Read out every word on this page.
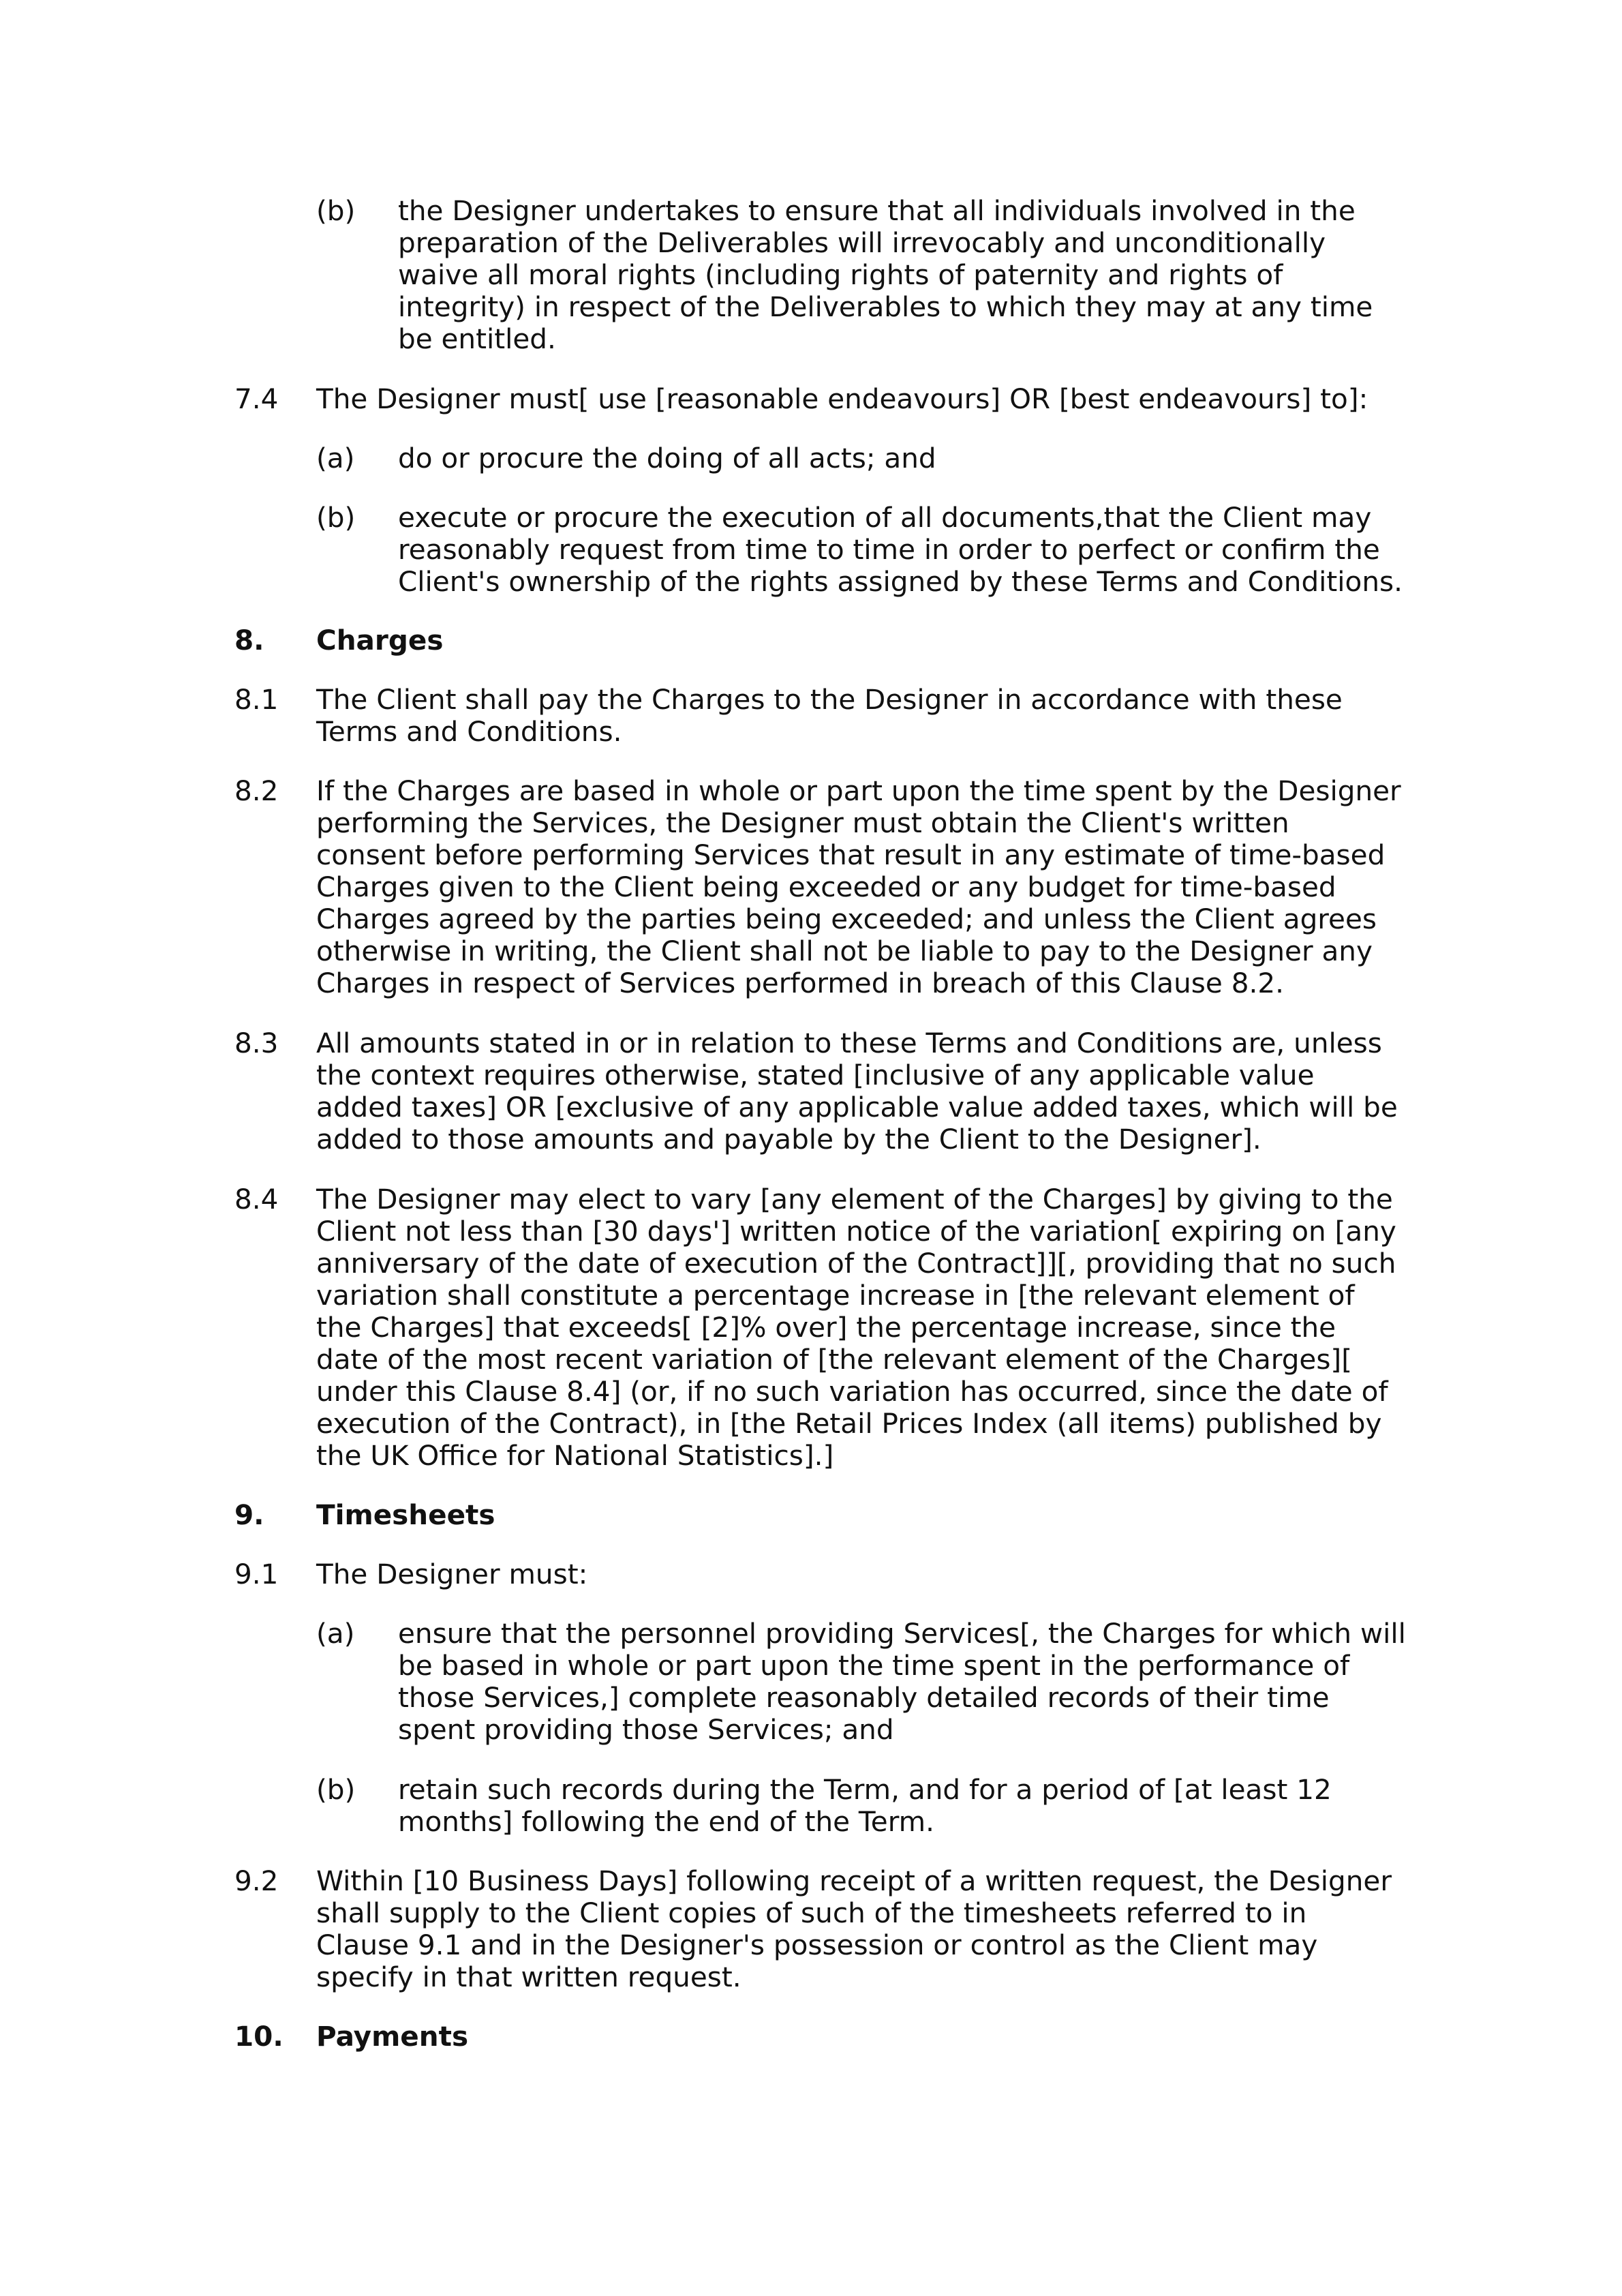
(b)	the Designer undertakes to ensure that all individuals involved in the preparation of the Deliverables will irrevocably and unconditionally waive all moral rights (including rights of paternity and rights of integrity) in respect of the Deliverables to which they may at any time be entitled.
7.4	The Designer must[ use [reasonable endeavours] OR [best endeavours] to]:
(a)	do or procure the doing of all acts; and
(b)	execute or procure the execution of all documents,that the Client may reasonably request from time to time in order to perfect or confirm the Client's ownership of the rights assigned by these Terms and Conditions.
8.	Charges
8.1	The Client shall pay the Charges to the Designer in accordance with these Terms and Conditions.
8.2	If the Charges are based in whole or part upon the time spent by the Designer performing the Services, the Designer must obtain the Client's written consent before performing Services that result in any estimate of time-based Charges given to the Client being exceeded or any budget for time-based Charges agreed by the parties being exceeded; and unless the Client agrees otherwise in writing, the Client shall not be liable to pay to the Designer any Charges in respect of Services performed in breach of this Clause 8.2.
8.3	All amounts stated in or in relation to these Terms and Conditions are, unless the context requires otherwise, stated [inclusive of any applicable value added taxes] OR [exclusive of any applicable value added taxes, which will be added to those amounts and payable by the Client to the Designer].
8.4	The Designer may elect to vary [any element of the Charges] by giving to the Client not less than [30 days'] written notice of the variation[ expiring on [any anniversary of the date of execution of the Contract]][, providing that no such variation shall constitute a percentage increase in [the relevant element of the Charges] that exceeds[ [2]% over] the percentage increase, since the date of the most recent variation of [the relevant element of the Charges][ under this Clause 8.4] (or, if no such variation has occurred, since the date of execution of the Contract), in [the Retail Prices Index (all items) published by the UK Office for National Statistics].]
9.	Timesheets
9.1	The Designer must:
(a)	ensure that the personnel providing Services[, the Charges for which will be based in whole or part upon the time spent in the performance of those Services,] complete reasonably detailed records of their time spent providing those Services; and
(b)	retain such records during the Term, and for a period of [at least 12 months] following the end of the Term.
9.2	Within [10 Business Days] following receipt of a written request, the Designer shall supply to the Client copies of such of the timesheets referred to in Clause 9.1 and in the Designer's possession or control as the Client may specify in that written request.
10.	Payments
